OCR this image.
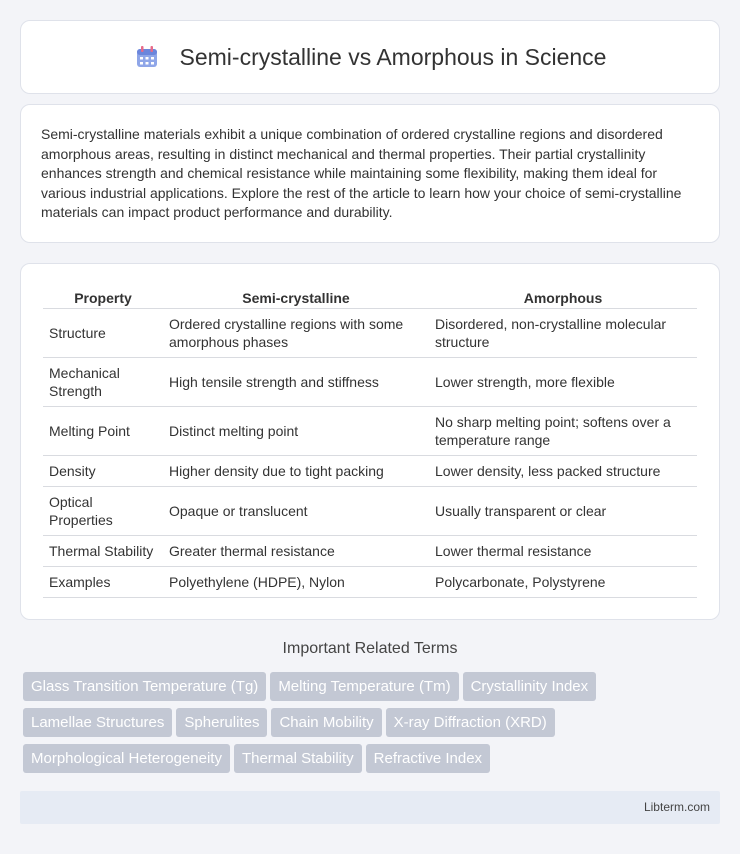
Semi-crystalline vs Amorphous in Science

Semi-crystalline materials exhibit a unique combination of ordered crystalline regions and disordered amorphous areas, resulting in distinct mechanical and thermal properties. Their partial crystallinity enhances strength and chemical resistance while maintaining some flexibility, making them ideal for various industrial applications. Explore the rest of the article to learn how your choice of semi-crystalline materials can impact product performance and durability.

Property	Semi-crystalline	Amorphous
Structure	Ordered crystalline regions with some amorphous phases	Disordered, non-crystalline molecular structure
Mechanical Strength	High tensile strength and stiffness	Lower strength, more flexible
Melting Point	Distinct melting point	No sharp melting point; softens over a temperature range
Density	Higher density due to tight packing	Lower density, less packed structure
Optical Properties	Opaque or translucent	Usually transparent or clear
Thermal Stability	Greater thermal resistance	Lower thermal resistance
Examples	Polyethylene (HDPE), Nylon	Polycarbonate, Polystyrene
Important Related Terms
Glass Transition Temperature (Tg) Melting Temperature (Tm) Crystallinity Index
Lamellae Structures Spherulites Chain Mobility X-ray Diffraction (XRD)
Morphological Heterogeneity Thermal Stability Refractive Index
Libterm.com
